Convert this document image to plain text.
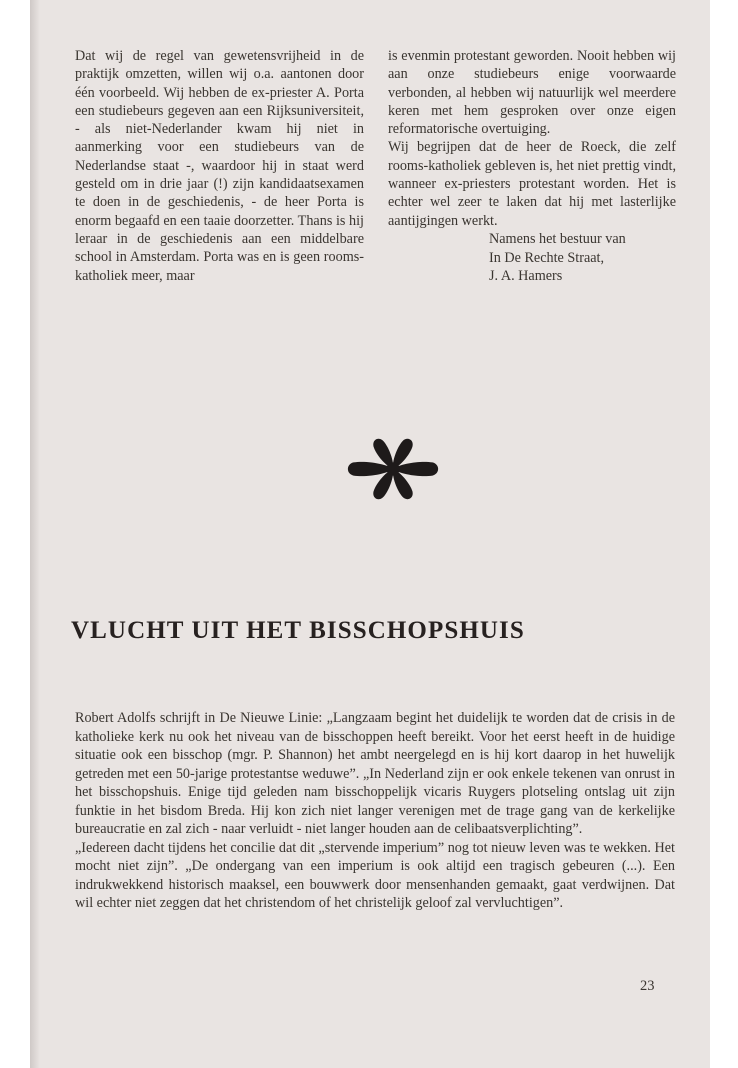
Dat wij de regel van gewetensvrijheid in de praktijk omzetten, willen wij o.a. aantonen door één voorbeeld. Wij hebben de ex-priester A. Porta een studiebeurs gegeven aan een Rijksuniversiteit, - als niet-Nederlander kwam hij niet in aanmerking voor een studiebeurs van de Nederlandse staat -, waardoor hij in staat werd gesteld om in drie jaar (!) zijn kandidaatsexamen te doen in de geschiedenis, - de heer Porta is enorm begaafd en een taaie doorzetter. Thans is hij leraar in de geschiedenis aan een middelbare school in Amsterdam. Porta was en is geen rooms-katholiek meer, maar

is evenmin protestant geworden. Nooit hebben wij aan onze studiebeurs enige voorwaarde verbonden, al hebben wij natuurlijk wel meerdere keren met hem gesproken over onze eigen reformatorische overtuiging.

Wij begrijpen dat de heer de Roeck, die zelf rooms-katholiek gebleven is, het niet prettig vindt, wanneer ex-priesters protestant worden. Het is echter wel zeer te laken dat hij met lasterlijke aantijgingen werkt.

Namens het bestuur van
In De Rechte Straat,
J. A. Hamers
VLUCHT UIT HET BISSCHOPSHUIS

Robert Adolfs schrijft in De Nieuwe Linie: „Langzaam begint het duidelijk te worden dat de crisis in de katholieke kerk nu ook het niveau van de bisschoppen heeft bereikt. Voor het eerst heeft in de huidige situatie ook een bisschop (mgr. P. Shannon) het ambt neergelegd en is hij kort daarop in het huwelijk getreden met een 50-jarige protestantse weduwe”. „In Nederland zijn er ook enkele tekenen van onrust in het bisschopshuis. Enige tijd geleden nam bisschoppelijk vicaris Ruygers plotseling ontslag uit zijn funktie in het bisdom Breda. Hij kon zich niet langer verenigen met de trage gang van de kerkelijke bureaucratie en zal zich - naar verluidt - niet langer houden aan de celibaatsverplichting”.

„Iedereen dacht tijdens het concilie dat dit „stervende imperium” nog tot nieuw leven was te wekken. Het mocht niet zijn”. „De ondergang van een imperium is ook altijd een tragisch gebeuren (...). Een indrukwekkend historisch maaksel, een bouwwerk door mensenhanden gemaakt, gaat verdwijnen. Dat wil echter niet zeggen dat het christendom of het christelijk geloof zal vervluchtigen”.

23
